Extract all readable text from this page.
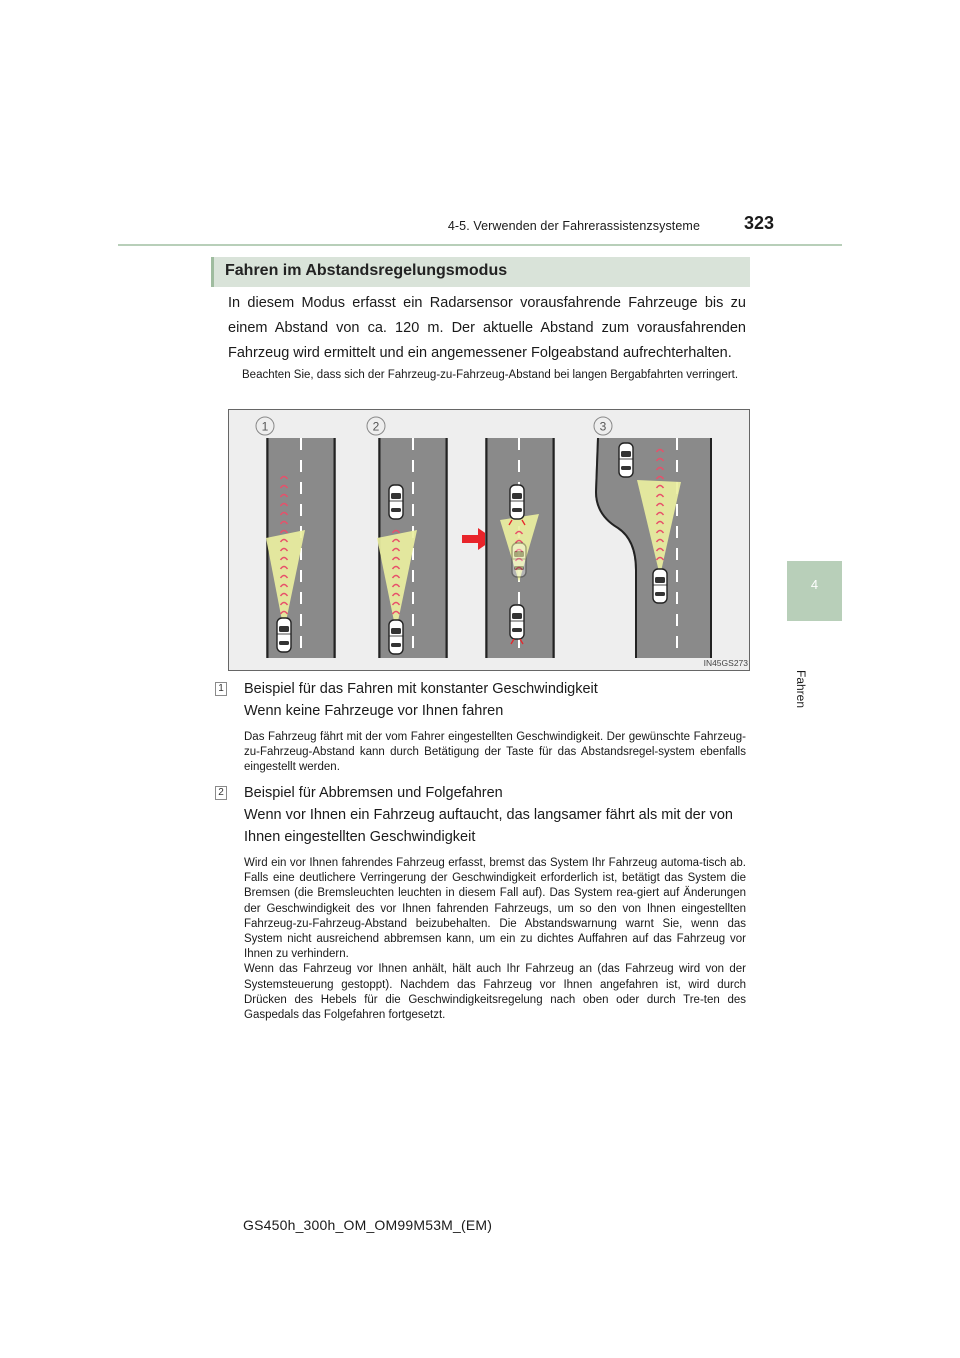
4-5. Verwenden der Fahrerassistenzsysteme	323
4
Fahren
Fahren im Abstandsregelungsmodus
In diesem Modus erfasst ein Radarsensor vorausfahrende Fahrzeuge bis zu einem Abstand von ca. 120 m. Der aktuelle Abstand zum vorausfahrenden Fahrzeug wird ermittelt und ein angemessener Folgeabstand aufrechterhalten.
Beachten Sie, dass sich der Fahrzeug-zu-Fahrzeug-Abstand bei langen Bergabfahrten verringert.
1	2	3
IN45GS273
1 Beispiel für das Fahren mit konstanter Geschwindigkeit
Wenn keine Fahrzeuge vor Ihnen fahren
Das Fahrzeug fährt mit der vom Fahrer eingestellten Geschwindigkeit. Der gewünschte Fahrzeug-zu-Fahrzeug-Abstand kann durch Betätigung der Taste für das Abstandsregel-system ebenfalls eingestellt werden.
2 Beispiel für Abbremsen und Folgefahren
Wenn vor Ihnen ein Fahrzeug auftaucht, das langsamer fährt als mit der von
Ihnen eingestellten Geschwindigkeit
Wird ein vor Ihnen fahrendes Fahrzeug erfasst, bremst das System Ihr Fahrzeug automa-tisch ab. Falls eine deutlichere Verringerung der Geschwindigkeit erforderlich ist, betätigt das System die Bremsen (die Bremsleuchten leuchten in diesem Fall auf). Das System rea-giert auf Änderungen der Geschwindigkeit des vor Ihnen fahrenden Fahrzeugs, um so den von Ihnen eingestellten Fahrzeug-zu-Fahrzeug-Abstand beizubehalten. Die Abstandswarnung warnt Sie, wenn das System nicht ausreichend abbremsen kann, um ein zu dichtes Auffahren auf das Fahrzeug vor Ihnen zu verhindern.
Wenn das Fahrzeug vor Ihnen anhält, hält auch Ihr Fahrzeug an (das Fahrzeug wird von der Systemsteuerung gestoppt). Nachdem das Fahrzeug vor Ihnen angefahren ist, wird durch Drücken des Hebels für die Geschwindigkeitsregelung nach oben oder durch Tre-ten des Gaspedals das Folgefahren fortgesetzt.
GS450h_300h_OM_OM99M53M_(EM)
